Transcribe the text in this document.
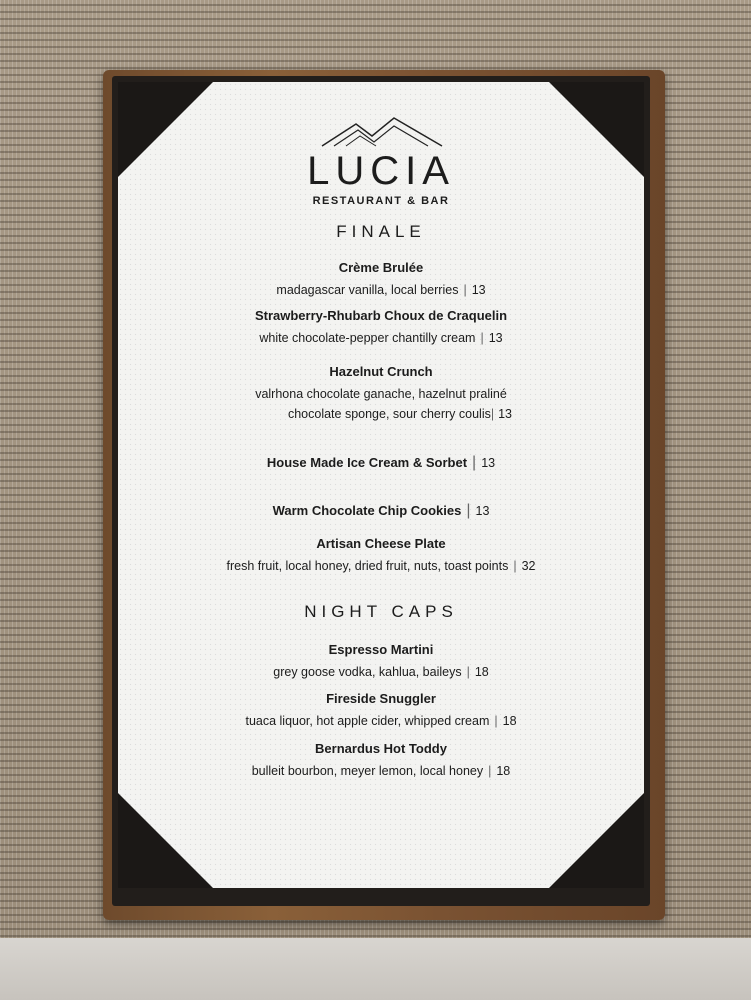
LUCIA
RESTAURANT & BAR
FINALE
Crème Brulée
madagascar vanilla, local berries | 13
Strawberry-Rhubarb Choux de Craquelin
white chocolate-pepper chantilly cream | 13
Hazelnut Crunch
valrhona chocolate ganache, hazelnut praliné
chocolate sponge, sour cherry coulis| 13
House Made Ice Cream & Sorbet | 13
Warm Chocolate Chip Cookies | 13
Artisan Cheese Plate
fresh fruit, local honey, dried fruit, nuts, toast points | 32
NIGHT CAPS
Espresso Martini
grey goose vodka, kahlua, baileys | 18
Fireside Snuggler
tuaca liquor, hot apple cider, whipped cream | 18
Bernardus Hot Toddy
bulleit bourbon, meyer lemon, local honey | 18
